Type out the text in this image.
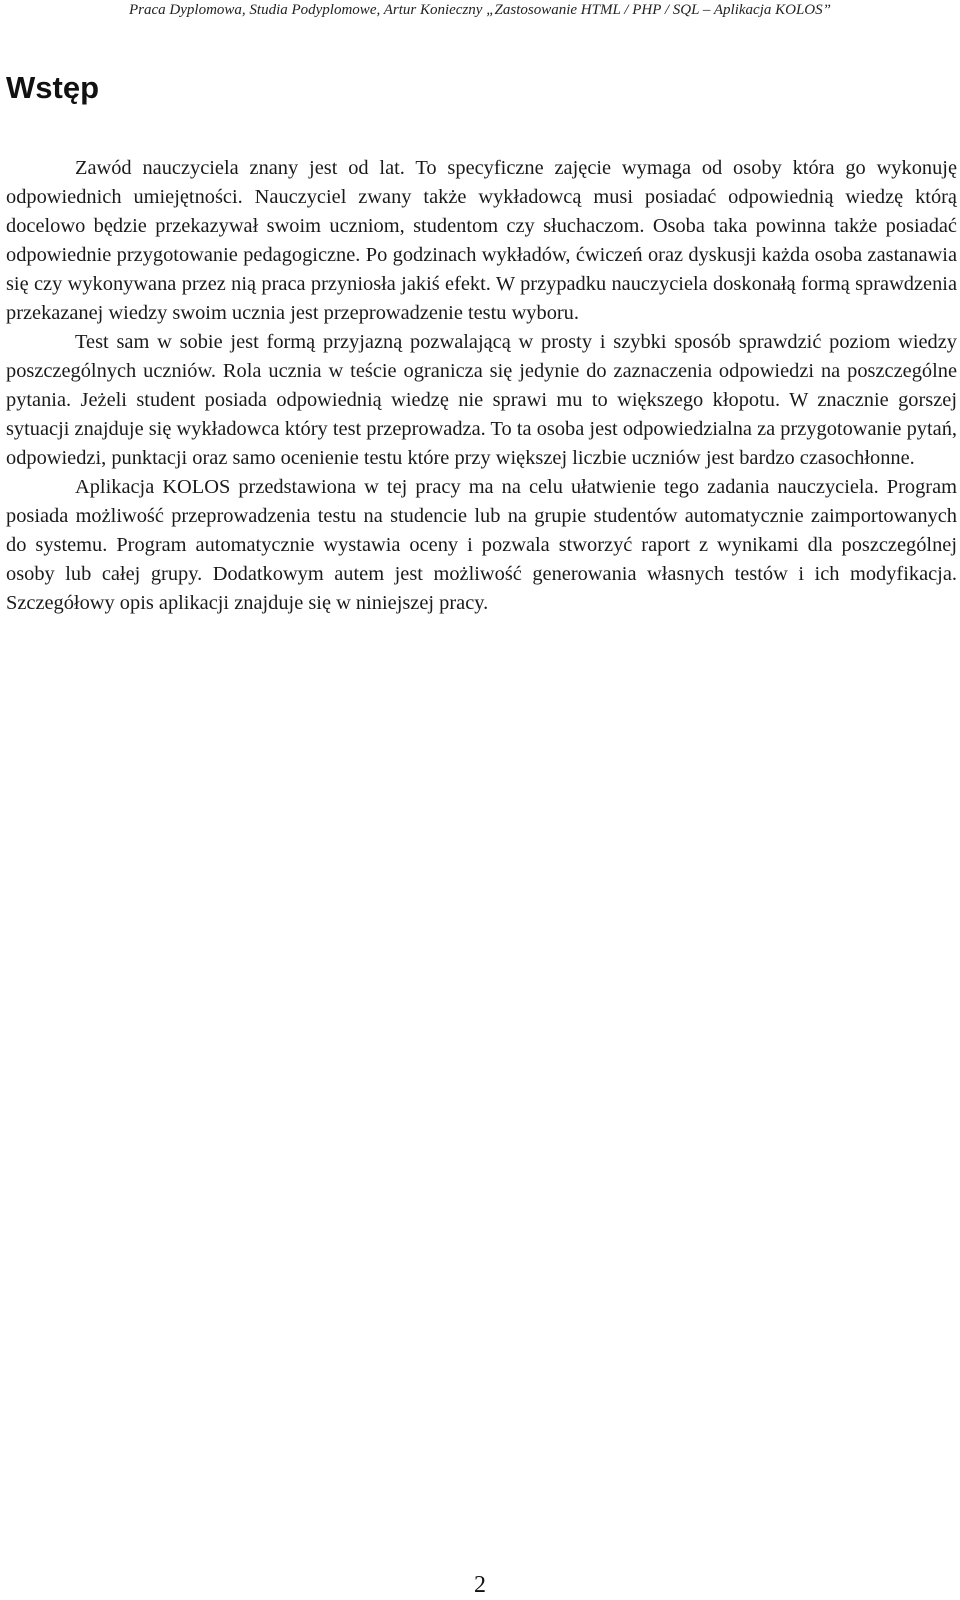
Praca Dyplomowa, Studia Podyplomowe, Artur Konieczny „Zastosowanie HTML / PHP / SQL – Aplikacja KOLOS”
Wstęp

Zawód nauczyciela znany jest od lat. To specyficzne zajęcie wymaga od osoby która go wykonuję odpowiednich umiejętności. Nauczyciel zwany także wykładowcą musi posiadać odpowiednią wiedzę którą docelowo będzie przekazywał swoim uczniom, studentom czy słuchaczom. Osoba taka powinna także posiadać odpowiednie przygotowanie pedagogiczne. Po godzinach wykładów, ćwiczeń oraz dyskusji każda osoba zastanawia się czy wykonywana przez nią praca przyniosła jakiś efekt. W przypadku nauczyciela doskonałą formą sprawdzenia przekazanej wiedzy swoim ucznia jest przeprowadzenie testu wyboru.

Test sam w sobie jest formą przyjazną pozwalającą w prosty i szybki sposób sprawdzić poziom wiedzy poszczególnych uczniów. Rola ucznia w teście ogranicza się jedynie do zaznaczenia odpowiedzi na poszczególne pytania. Jeżeli student posiada odpowiednią wiedzę nie sprawi mu to większego kłopotu. W znacznie gorszej sytuacji znajduje się wykładowca który test przeprowadza. To ta osoba jest odpowiedzialna za przygotowanie pytań, odpowiedzi, punktacji oraz samo ocenienie testu które przy większej liczbie uczniów jest bardzo czasochłonne.

Aplikacja KOLOS przedstawiona w tej pracy ma na celu ułatwienie tego zadania nauczyciela. Program posiada możliwość przeprowadzenia testu na studencie lub na grupie studentów automatycznie zaimportowanych do systemu. Program automatycznie wystawia oceny i pozwala stworzyć raport z wynikami dla poszczególnej osoby lub całej grupy. Dodatkowym autem jest możliwość generowania własnych testów i ich modyfikacja. Szczegółowy opis aplikacji znajduje się w niniejszej pracy.

2
